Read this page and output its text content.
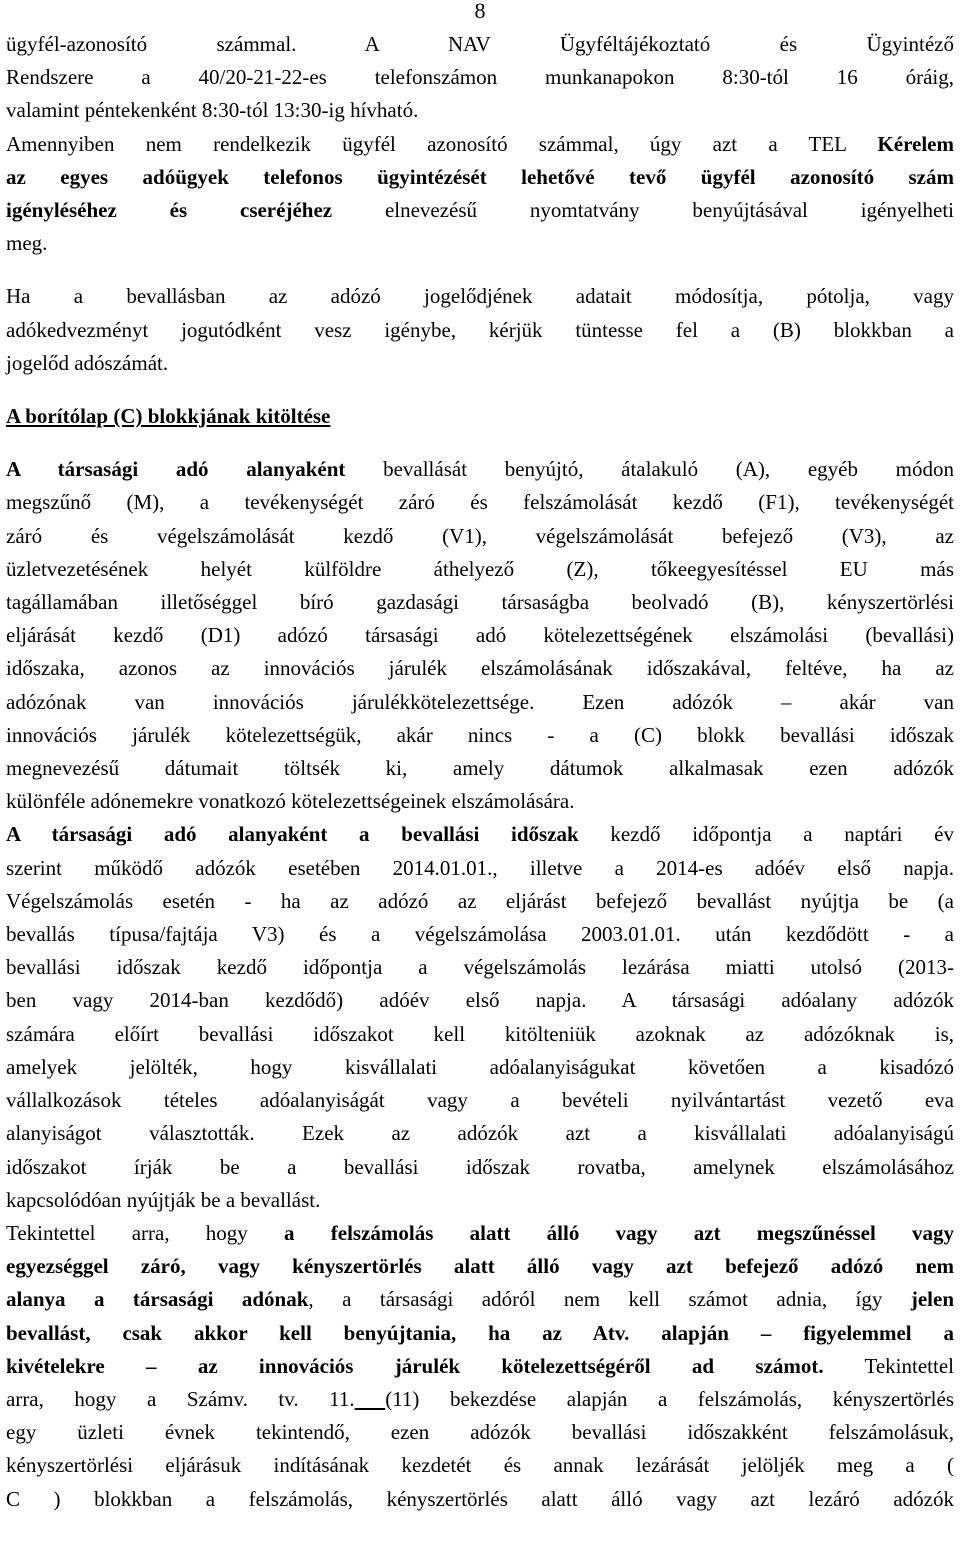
8
ügyfél-azonosító számmal. A NAV Ügyféltájékoztató és Ügyintéző
Rendszere a 40/20-21-22-es telefonszámon munkanapokon 8:30-tól 16 óráig,
valamint péntekenként 8:30-tól 13:30-ig hívható.
Amennyiben nem rendelkezik ügyfél azonosító számmal, úgy azt a TEL Kérelem
az egyes adóügyek telefonos ügyintézését lehetővé tevő ügyfél azonosító szám
igényléséhez és cseréjéhez elnevezésű nyomtatvány benyújtásával igényelheti
meg.
Ha a bevallásban az adózó jogelődjének adatait módosítja, pótolja, vagy
adókedvezményt jogutódként vesz igénybe, kérjük tüntesse fel a (B) blokkban a
jogelőd adószámát.
A borítólap (C) blokkjának kitöltése
A társasági adó alanyaként bevallását benyújtó, átalakuló (A), egyéb módon
megszűnő (M), a tevékenységét záró és felszámolását kezdő (F1), tevékenységét
záró és végelszámolását kezdő (V1), végelszámolását befejező (V3), az
üzletvezetésének helyét külföldre áthelyező (Z), tőkeegyesítéssel EU más
tagállamában illetőséggel bíró gazdasági társaságba beolvadó (B), kényszertörlési
eljárását kezdő (D1) adózó társasági adó kötelezettségének elszámolási (bevallási)
időszaka, azonos az innovációs járulék elszámolásának időszakával, feltéve, ha az
adózónak van innovációs járulékkötelezettsége. Ezen adózók – akár van
innovációs járulék kötelezettségük, akár nincs - a (C) blokk bevallási időszak
megnevezésű dátumait töltsék ki, amely dátumok alkalmasak ezen adózók
különféle adónemekre vonatkozó kötelezettségeinek elszámolására.
A társasági adó alanyaként a bevallási időszak kezdő időpontja a naptári év
szerint működő adózók esetében 2014.01.01., illetve a 2014-es adóév első napja.
Végelszámolás esetén - ha az adózó az eljárást befejező bevallást nyújtja be (a
bevallás típusa/fajtája V3) és a végelszámolása 2003.01.01. után kezdődött - a
bevallási időszak kezdő időpontja a végelszámolás lezárása miatti utolsó (2013-
ben vagy 2014-ban kezdődő) adóév első napja. A társasági adóalany adózók
számára előírt bevallási időszakot kell kitölteniük azoknak az adózóknak is,
amelyek jelölték, hogy kisvállalati adóalanyiságukat követően a kisadózó
vállalkozások tételes adóalanyiságát vagy a bevételi nyilvántartást vezető eva
alanyiságot választották. Ezek az adózók azt a kisvállalati adóalanyiságú
időszakot írják be a bevallási időszak rovatba, amelynek elszámolásához
kapcsolódóan nyújtják be a bevallást.
Tekintettel arra, hogy a felszámolás alatt álló vagy azt megszűnéssel vagy
egyezséggel záró, vagy kényszertörlés alatt álló vagy azt befejező adózó nem
alanya a társasági adónak, a társasági adóról nem kell számot adnia, így jelen
bevallást, csak akkor kell benyújtania, ha az Atv. alapján – figyelemmel a
kivételekre – az innovációs járulék kötelezettségéről ad számot. Tekintettel
arra, hogy a Számv. tv. 11. (11) bekezdése alapján a felszámolás, kényszertörlés
egy üzleti évnek tekintendő, ezen adózók bevallási időszakként felszámolásuk,
kényszertörlési eljárásuk indításának kezdetét és annak lezárását jelöljék meg a (
C ) blokkban a felszámolás, kényszertörlés alatt álló vagy azt lezáró adózók
